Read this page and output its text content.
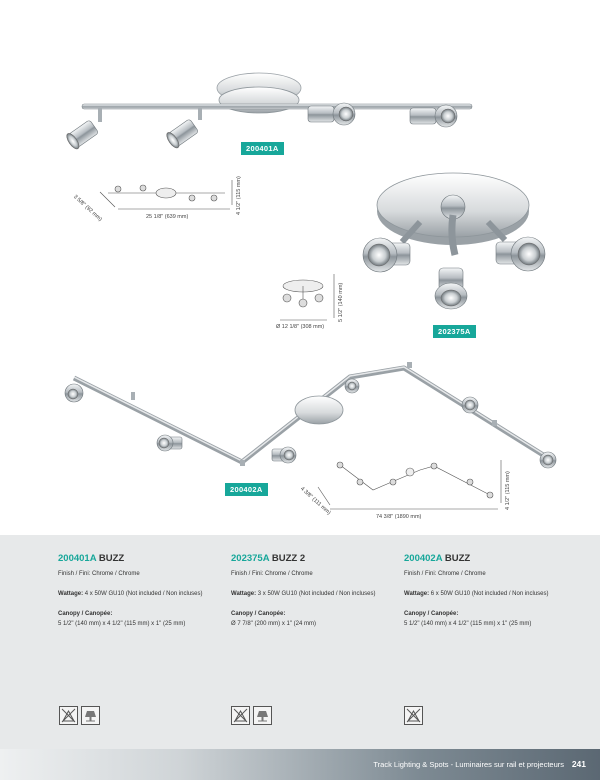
200401A
202375A
200402A
25 1/8" (639 mm)
3 5/8" (92 mm)	4 1/2" (115 mm)
Ø 12 1/8" (308 mm)
5 1/2" (140 mm)
74 3/8" (1890 mm)
4 3/8" (111 mm)	4 1/2" (115 mm)
200401A BUZZ
Finish / Fini: Chrome / Chrome
Wattage: 4 x 50W GU10 (Not included / Non incluses)
Canopy / Canopée:
5 1/2" (140 mm) x 4 1/2" (115 mm) x 1" (25 mm)
202375A BUZZ 2
Finish / Fini: Chrome / Chrome
Wattage: 3 x 50W GU10 (Not included / Non incluses)
Canopy / Canopée:
Ø 7 7/8" (200 mm) x 1" (24 mm)
200402A BUZZ
Finish / Fini: Chrome / Chrome
Wattage: 6 x 50W GU10 (Not included / Non incluses)
Canopy / Canopée:
5 1/2" (140 mm) x 4 1/2" (115 mm) x 1" (25 mm)
Track Lighting & Spots - Luminaires sur rail et projecteurs 241
